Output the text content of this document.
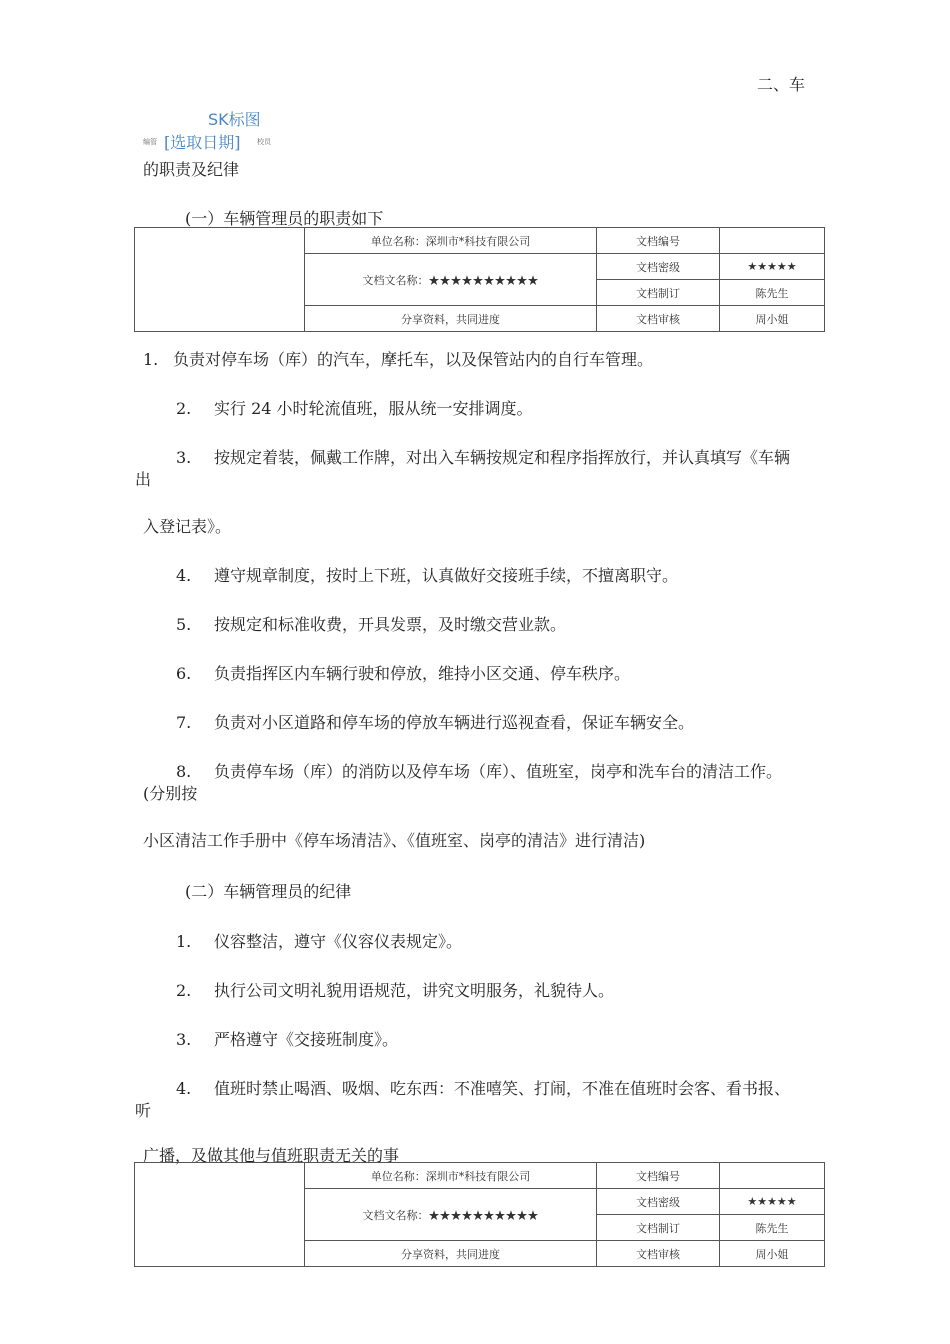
二、车
SK标图
编管 [选取日期] 校员
的职责及纪律
(一）车辆管理员的职责如下
	单位名称：深圳市*科技有限公司	文档编号	
	文档文名称：★★★★★★★★★★	文档密级	★★★★★
		文档制订	陈先生
	分享资料，共同进度	文档审核	周小姐
1. 负责对停车场（库）的汽车，摩托车，以及保管站内的自行车管理。
2. 实行 24 小时轮流值班，服从统一安排调度。
3. 按规定着装，佩戴工作牌，对出入车辆按规定和程序指挥放行，并认真填写《车辆
出
入登记表》。
4. 遵守规章制度，按时上下班，认真做好交接班手续，不擅离职守。
5. 按规定和标准收费，开具发票，及时缴交营业款。
6. 负责指挥区内车辆行驶和停放，维持小区交通、停车秩序。
7. 负责对小区道路和停车场的停放车辆进行巡视查看，保证车辆安全。
8. 负责停车场（库）的消防以及停车场（库）、值班室，岗亭和洗车台的清洁工作。
(分别按
小区清洁工作手册中《停车场清洁》、《值班室、岗亭的清洁》进行清洁)
(二）车辆管理员的纪律
1. 仪容整洁，遵守《仪容仪表规定》。
2. 执行公司文明礼貌用语规范，讲究文明服务，礼貌待人。
3. 严格遵守《交接班制度》。
4. 值班时禁止喝酒、吸烟、吃东西：不准嘻笑、打闹，不准在值班时会客、看书报、
听
广播，及做其他与值班职责无关的事
	单位名称：深圳市*科技有限公司	文档编号	
	文档文名称：★★★★★★★★★★	文档密级	★★★★★
		文档制订	陈先生
	分享资料，共同进度	文档审核	周小姐
